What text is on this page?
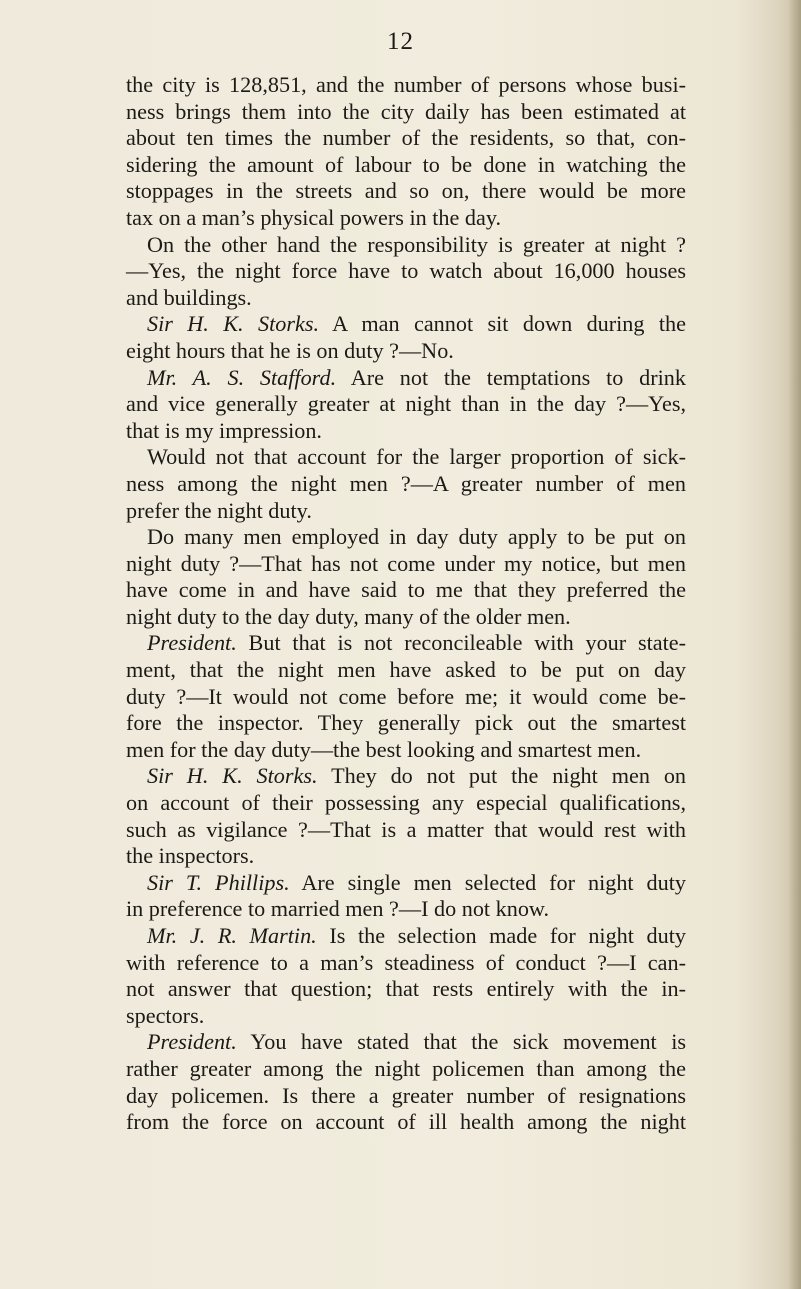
12
the city is 128,851, and the number of persons whose busi-
ness brings them into the city daily has been estimated at
about ten times the number of the residents, so that, con-
sidering the amount of labour to be done in watching the
stoppages in the streets and so on, there would be more
tax on a man’s physical powers in the day.
On the other hand the responsibility is greater at night ?
—Yes, the night force have to watch about 16,000 houses
and buildings.
Sir H. K. Storks. A man cannot sit down during the
eight hours that he is on duty ?—No.
Mr. A. S. Stafford. Are not the temptations to drink
and vice generally greater at night than in the day ?—Yes,
that is my impression.
Would not that account for the larger proportion of sick-
ness among the night men ?—A greater number of men
prefer the night duty.
Do many men employed in day duty apply to be put on
night duty ?—That has not come under my notice, but men
have come in and have said to me that they preferred the
night duty to the day duty, many of the older men.
President. But that is not reconcileable with your state-
ment, that the night men have asked to be put on day
duty ?—It would not come before me; it would come be-
fore the inspector. They generally pick out the smartest
men for the day duty—the best looking and smartest men.
Sir H. K. Storks. They do not put the night men on
on account of their possessing any especial qualifications,
such as vigilance ?—That is a matter that would rest with
the inspectors.
Sir T. Phillips. Are single men selected for night duty
in preference to married men ?—I do not know.
Mr. J. R. Martin. Is the selection made for night duty
with reference to a man’s steadiness of conduct ?—I can-
not answer that question; that rests entirely with the in-
spectors.
President. You have stated that the sick movement is
rather greater among the night policemen than among the
day policemen. Is there a greater number of resignations
from the force on account of ill health among the night
